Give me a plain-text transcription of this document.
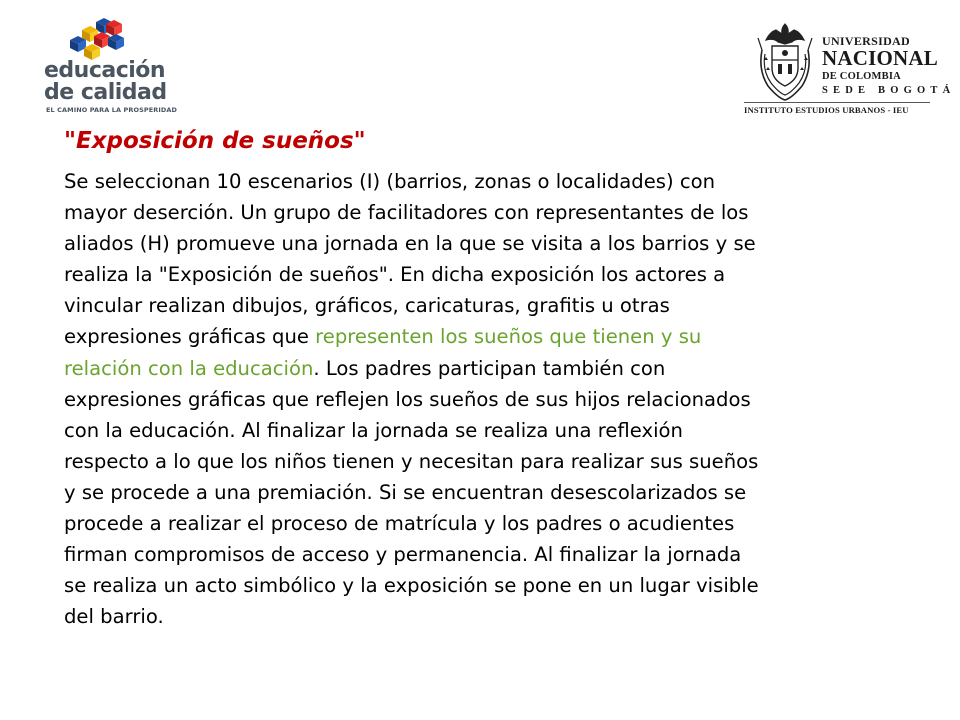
educación
de calidad
EL CAMINO PARA LA PROSPERIDAD
UNIVERSIDAD
NACIONAL
DE COLOMBIA
SEDE BOGOTÁ
INSTITUTO ESTUDIOS URBANOS - IEU
"Exposición de sueños"
Se seleccionan 10 escenarios (I) (barrios, zonas o localidades) con
mayor deserción. Un grupo de facilitadores con representantes de los
aliados (H) promueve una jornada en la que se visita a los barrios y se
realiza la "Exposición de sueños". En dicha exposición los actores a
vincular realizan dibujos, gráficos, caricaturas, grafitis u otras
expresiones gráficas que representen los sueños que tienen y su
relación con la educación. Los padres participan también con
expresiones gráficas que reflejen los sueños de sus hijos relacionados
con la educación. Al finalizar la jornada se realiza una reflexión
respecto a lo que los niños tienen y necesitan para realizar sus sueños
y se procede a una premiación. Si se encuentran desescolarizados se
procede a realizar el proceso de matrícula y los padres o acudientes
firman compromisos de acceso y permanencia. Al finalizar la jornada
se realiza un acto simbólico y la exposición se pone en un lugar visible
del barrio.
